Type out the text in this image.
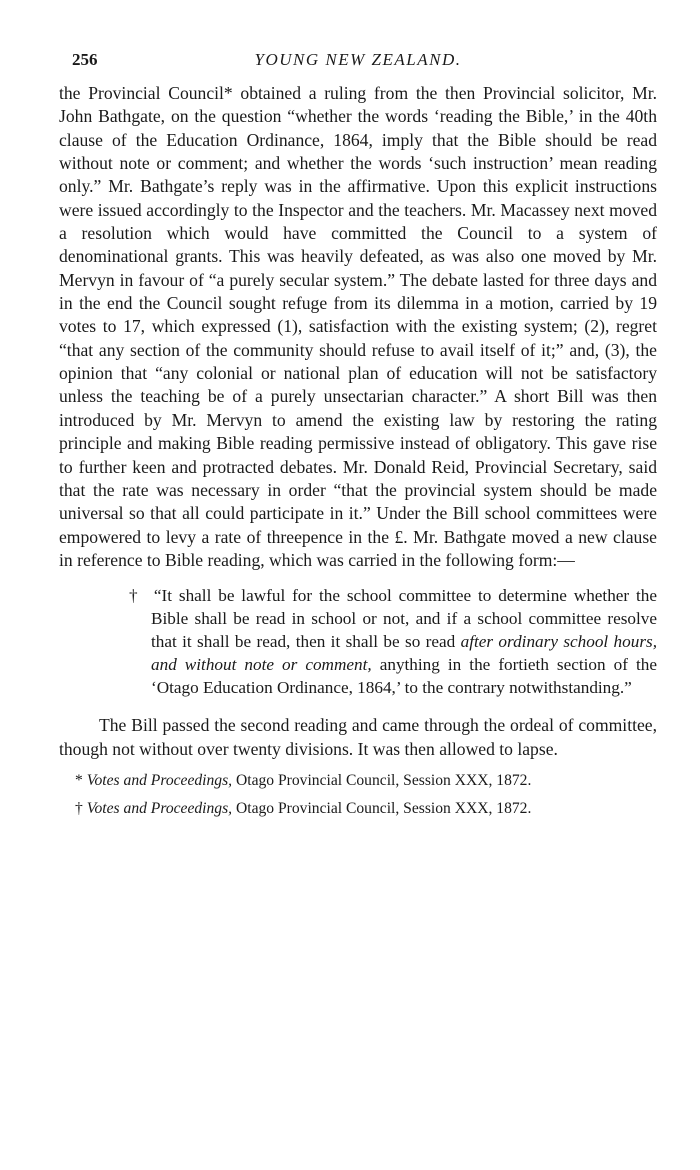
256	YOUNG NEW ZEALAND.

the Provincial Council* obtained a ruling from the then Provincial solicitor, Mr. John Bathgate, on the question “whether the words ‘reading the Bible,’ in the 40th clause of the Education Ordinance, 1864, imply that the Bible should be read without note or comment; and whether the words ‘such instruction’ mean reading only.” Mr. Bathgate’s reply was in the affirmative. Upon this explicit instructions were issued accordingly to the Inspector and the teachers. Mr. Macassey next moved a resolution which would have committed the Council to a system of denominational grants. This was heavily defeated, as was also one moved by Mr. Mervyn in favour of “a purely secular system.” The debate lasted for three days and in the end the Council sought refuge from its dilemma in a motion, carried by 19 votes to 17, which expressed (1), satisfaction with the existing system; (2), regret “that any section of the community should refuse to avail itself of it;” and, (3), the opinion that “any colonial or national plan of education will not be satisfactory unless the teaching be of a purely unsectarian character.” A short Bill was then introduced by Mr. Mervyn to amend the existing law by restoring the rating principle and making Bible reading permissive instead of obligatory. This gave rise to further keen and protracted debates. Mr. Donald Reid, Provincial Secretary, said that the rate was necessary in order “that the provincial system should be made universal so that all could participate in it.” Under the Bill school committees were empowered to levy a rate of threepence in the £. Mr. Bathgate moved a new clause in reference to Bible reading, which was carried in the following form:—

† “It shall be lawful for the school committee to determine whether the Bible shall be read in school or not, and if a school committee resolve that it shall be read, then it shall be so read after ordinary school hours, and without note or comment, anything in the fortieth section of the ‘Otago Education Ordinance, 1864,’ to the contrary notwithstanding.”

The Bill passed the second reading and came through the ordeal of committee, though not without over twenty divisions. It was then allowed to lapse.

* Votes and Proceedings, Otago Provincial Council, Session XXX, 1872.

† Votes and Proceedings, Otago Provincial Council, Session XXX, 1872.
